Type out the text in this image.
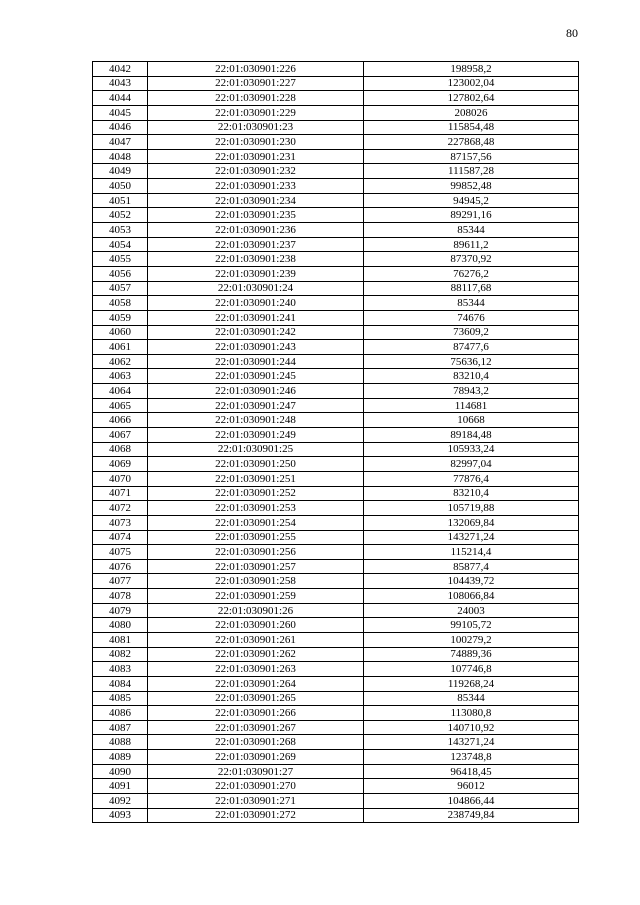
80
4042	22:01:030901:226	198958,2
4043	22:01:030901:227	123002,04
4044	22:01:030901:228	127802,64
4045	22:01:030901:229	208026
4046	22:01:030901:23	115854,48
4047	22:01:030901:230	227868,48
4048	22:01:030901:231	87157,56
4049	22:01:030901:232	111587,28
4050	22:01:030901:233	99852,48
4051	22:01:030901:234	94945,2
4052	22:01:030901:235	89291,16
4053	22:01:030901:236	85344
4054	22:01:030901:237	89611,2
4055	22:01:030901:238	87370,92
4056	22:01:030901:239	76276,2
4057	22:01:030901:24	88117,68
4058	22:01:030901:240	85344
4059	22:01:030901:241	74676
4060	22:01:030901:242	73609,2
4061	22:01:030901:243	87477,6
4062	22:01:030901:244	75636,12
4063	22:01:030901:245	83210,4
4064	22:01:030901:246	78943,2
4065	22:01:030901:247	114681
4066	22:01:030901:248	10668
4067	22:01:030901:249	89184,48
4068	22:01:030901:25	105933,24
4069	22:01:030901:250	82997,04
4070	22:01:030901:251	77876,4
4071	22:01:030901:252	83210,4
4072	22:01:030901:253	105719,88
4073	22:01:030901:254	132069,84
4074	22:01:030901:255	143271,24
4075	22:01:030901:256	115214,4
4076	22:01:030901:257	85877,4
4077	22:01:030901:258	104439,72
4078	22:01:030901:259	108066,84
4079	22:01:030901:26	24003
4080	22:01:030901:260	99105,72
4081	22:01:030901:261	100279,2
4082	22:01:030901:262	74889,36
4083	22:01:030901:263	107746,8
4084	22:01:030901:264	119268,24
4085	22:01:030901:265	85344
4086	22:01:030901:266	113080,8
4087	22:01:030901:267	140710,92
4088	22:01:030901:268	143271,24
4089	22:01:030901:269	123748,8
4090	22:01:030901:27	96418,45
4091	22:01:030901:270	96012
4092	22:01:030901:271	104866,44
4093	22:01:030901:272	238749,84
